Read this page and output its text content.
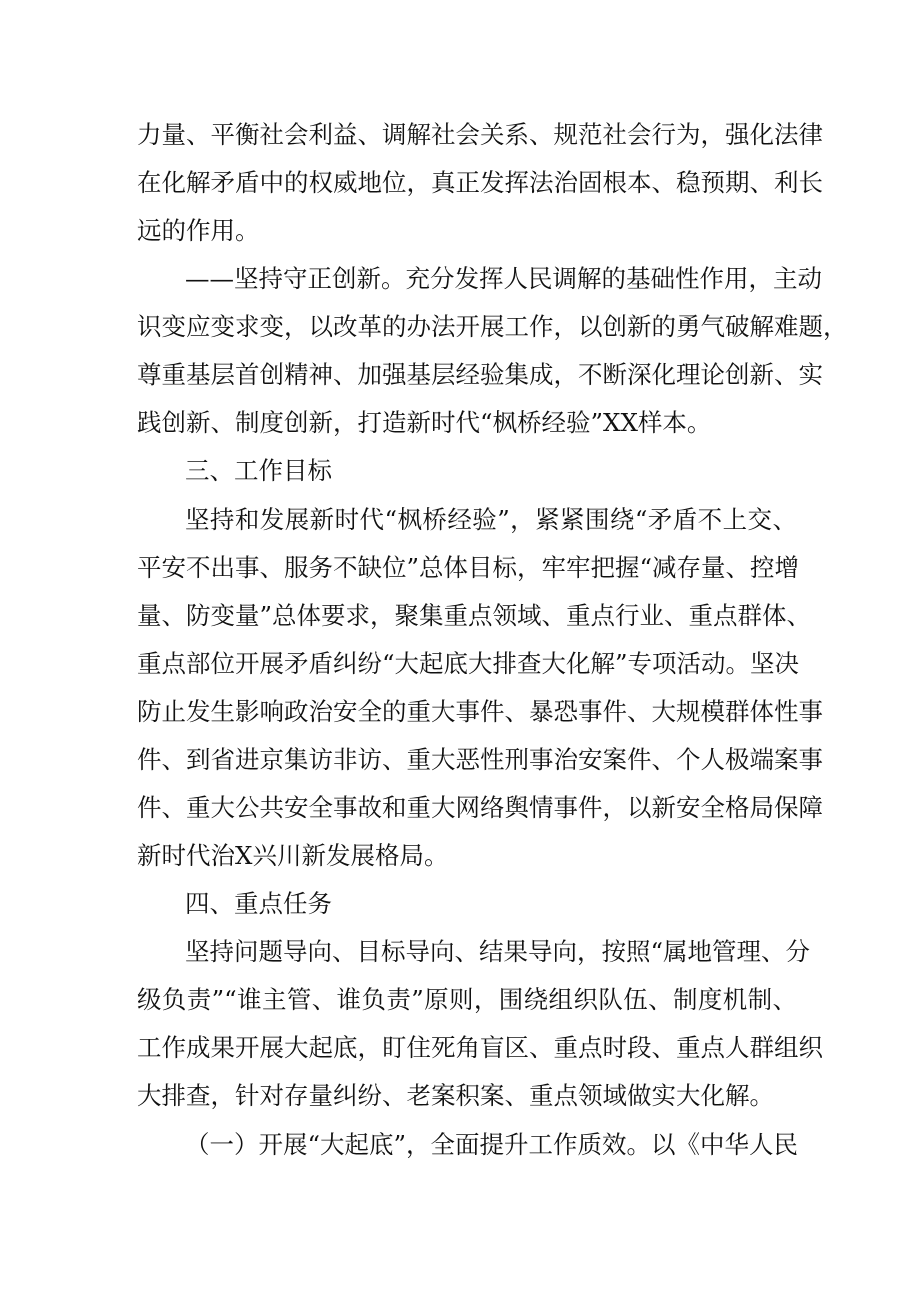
力量、平衡社会利益、调解社会关系、规范社会行为，强化法律
在化解矛盾中的权威地位，真正发挥法治固根本、稳预期、利长
远的作用。
——坚持守正创新。充分发挥人民调解的基础性作用，主动
识变应变求变，以改革的办法开展工作，以创新的勇气破解难题，
尊重基层首创精神、加强基层经验集成，不断深化理论创新、实
践创新、制度创新，打造新时代“枫桥经验”XX样本。
三、工作目标
坚持和发展新时代“枫桥经验”，紧紧围绕“矛盾不上交、
平安不出事、服务不缺位”总体目标，牢牢把握“减存量、控增
量、防变量”总体要求，聚集重点领域、重点行业、重点群体、
重点部位开展矛盾纠纷“大起底大排查大化解”专项活动。坚决
防止发生影响政治安全的重大事件、暴恐事件、大规模群体性事
件、到省进京集访非访、重大恶性刑事治安案件、个人极端案事
件、重大公共安全事故和重大网络舆情事件，以新安全格局保障
新时代治X兴川新发展格局。
四、重点任务
坚持问题导向、目标导向、结果导向，按照“属地管理、分
级负责”“谁主管、谁负责”原则，围绕组织队伍、制度机制、
工作成果开展大起底，盯住死角盲区、重点时段、重点人群组织
大排查，针对存量纠纷、老案积案、重点领域做实大化解。
（一）开展“大起底”，全面提升工作质效。以《中华人民
